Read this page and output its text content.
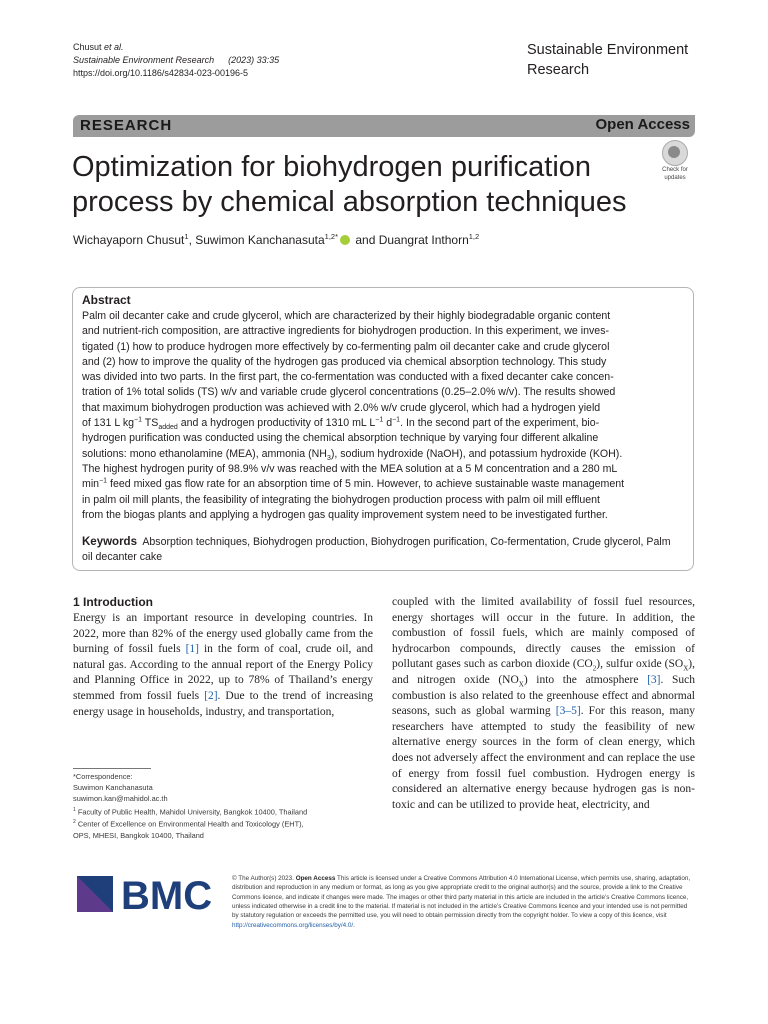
Chusut et al.
Sustainable Environment Research (2023) 33:35
https://doi.org/10.1186/s42834-023-00196-5
Sustainable Environment
Research
RESEARCH	Open Access
Optimization for biohydrogen purification
process by chemical absorption techniques
Check for
updates
Wichayaporn Chusut$^1$, Suwimon Kanchanasuta$^{1,2*}$ and Duangrat Inthorn$^{1,2}$
Abstract
Palm oil decanter cake and crude glycerol, which are characterized by their highly biodegradable organic content
and nutrient-rich composition, are attractive ingredients for biohydrogen production. In this experiment, we inves-
tigated (1) how to produce hydrogen more effectively by co-fermenting palm oil decanter cake and crude glycerol
and (2) how to improve the quality of the hydrogen gas produced via chemical absorption technology. This study
was divided into two parts. In the first part, the co-fermentation was conducted with a fixed decanter cake concen-
tration of 1% total solids (TS) w/v and variable crude glycerol concentrations (0.25–2.0% w/v). The results showed
that maximum biohydrogen production was achieved with 2.0% w/v crude glycerol, which had a hydrogen yield
of 131 L $kg^{-1}$ $TS_{added}$ and a hydrogen productivity of 1310 mL $L^{-1}$ $d^{-1}$. In the second part of the experiment, bio-
hydrogen purification was conducted using the chemical absorption technique by varying four different alkaline
solutions: mono ethanolamine (MEA), ammonia $(NH_3)$, sodium hydroxide (NaOH), and potassium hydroxide (KOH).
The highest hydrogen purity of 98.9% v/v was reached with the MEA solution at a 5 M concentration and a 280 mL
$\min^{-1}$ feed mixed gas flow rate for an absorption time of 5 min. However, to achieve sustainable waste management
in palm oil mill plants, the feasibility of integrating the biohydrogen production process with palm oil mill effluent
from the biogas plants and applying a hydrogen gas quality improvement system need to be investigated further.
Keywords Absorption techniques, Biohydrogen production, Biohydrogen purification, Co-fermentation, Crude glycerol, Palm oil decanter cake
1 Introduction

Energy is an important resource in developing countries. In 2022, more than 82% of the energy used globally came from the burning of fossil fuels [1] in the form of coal, crude oil, and natural gas. According to the annual report of the Energy Policy and Planning Office in 2022, up to 78% of Thailand’s energy stemmed from fossil fuels [2]. Due to the trend of increasing energy usage in households, industry, and transportation,

coupled with the limited availability of fossil fuel resources, energy shortages will occur in the future. In addition, the combustion of fossil fuels, which are mainly composed of hydrocarbon compounds, directly causes the emission of pollutant gases such as carbon dioxide $(CO_2)$, sulfur oxide $(SO_X)$, and nitrogen oxide $(NO_X)$ into the atmosphere [3]. Such combustion is also related to the greenhouse effect and abnormal seasons, such as global warming [3–5]. For this reason, many researchers have attempted to study the feasibility of new alternative energy sources in the form of clean energy, which does not adversely affect the environment and can replace the use of energy from fossil fuel combustion. Hydrogen energy is considered an alternative energy because hydrogen gas is non-toxic and can be utilized to provide heat, electricity, and

*Correspondence:
Suwimon Kanchanasuta
suwimon.kan@mahidol.ac.th
$^1$ Faculty of Public Health, Mahidol University, Bangkok 10400, Thailand
$^2$ Center of Excellence on Environmental Health and Toxicology (EHT),
OPS, MHESI, Bangkok 10400, Thailand
BMC	© The Author(s) 2023. Open Access This article is licensed under a Creative Commons Attribution 4.0 International License, which permits use, sharing, adaptation, distribution and reproduction in any medium or format, as long as you give appropriate credit to the original author(s) and the source, provide a link to the Creative Commons licence, and indicate if changes were made. The images or other third party material in this article are included in the article’s Creative Commons licence, unless indicated otherwise in a credit line to the material. If material is not included in the article’s Creative Commons licence and your intended use is not permitted by statutory regulation or exceeds the permitted use, you will need to obtain permission directly from the copyright holder. To view a copy of this licence, visit http://creativecommons.org/licenses/by/4.0/.
